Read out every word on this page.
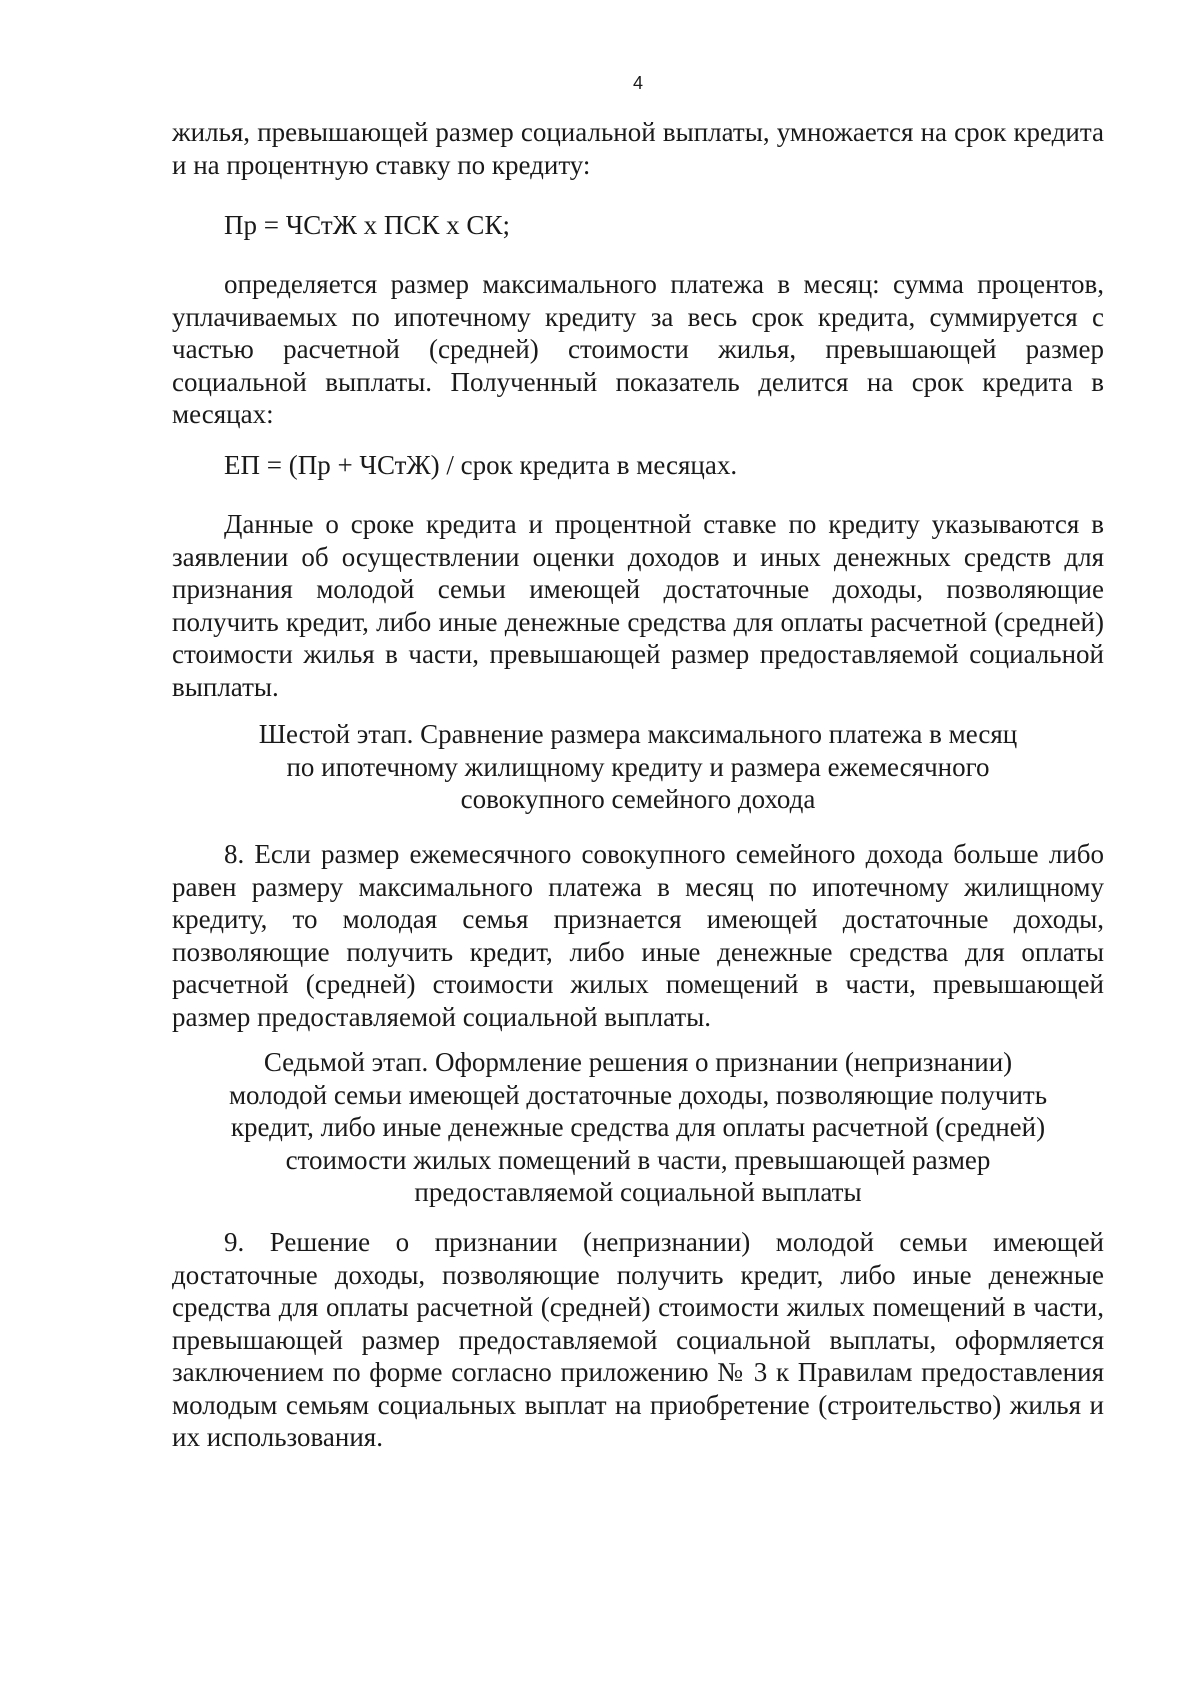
4

жилья, превышающей размер социальной выплаты, умножается на срок кредита и на процентную ставку по кредиту:

Пр = ЧСтЖ х ПСК х СК;

определяется размер максимального платежа в месяц: сумма процентов, уплачиваемых по ипотечному кредиту за весь срок кредита, суммируется с частью расчетной (средней) стоимости жилья, превышающей размер социальной выплаты. Полученный показатель делится на срок кредита в месяцах:

ЕП = (Пр + ЧСтЖ) / срок кредита в месяцах.

Данные о сроке кредита и процентной ставке по кредиту указываются в заявлении об осуществлении оценки доходов и иных денежных средств для признания молодой семьи имеющей достаточные доходы, позволяющие получить кредит, либо иные денежные средства для оплаты расчетной (средней) стоимости жилья в части, превышающей размер предоставляемой социальной выплаты.

Шестой этап. Сравнение размера максимального платежа в месяц
по ипотечному жилищному кредиту и размера ежемесячного
совокупного семейного дохода

8. Если размер ежемесячного совокупного семейного дохода больше либо равен размеру максимального платежа в месяц по ипотечному жилищному кредиту, то молодая семья признается имеющей достаточные доходы, позволяющие получить кредит, либо иные денежные средства для оплаты расчетной (средней) стоимости жилых помещений в части, превышающей размер предоставляемой социальной выплаты.

Седьмой этап. Оформление решения о признании (непризнании)
молодой семьи имеющей достаточные доходы, позволяющие получить
кредит, либо иные денежные средства для оплаты расчетной (средней)
стоимости жилых помещений в части, превышающей размер
предоставляемой социальной выплаты

9. Решение о признании (непризнании) молодой семьи имеющей достаточные доходы, позволяющие получить кредит, либо иные денежные средства для оплаты расчетной (средней) стоимости жилых помещений в части, превышающей размер предоставляемой социальной выплаты, оформляется заключением по форме согласно приложению № 3 к Правилам предоставления молодым семьям социальных выплат на приобретение (строительство) жилья и их использования.
